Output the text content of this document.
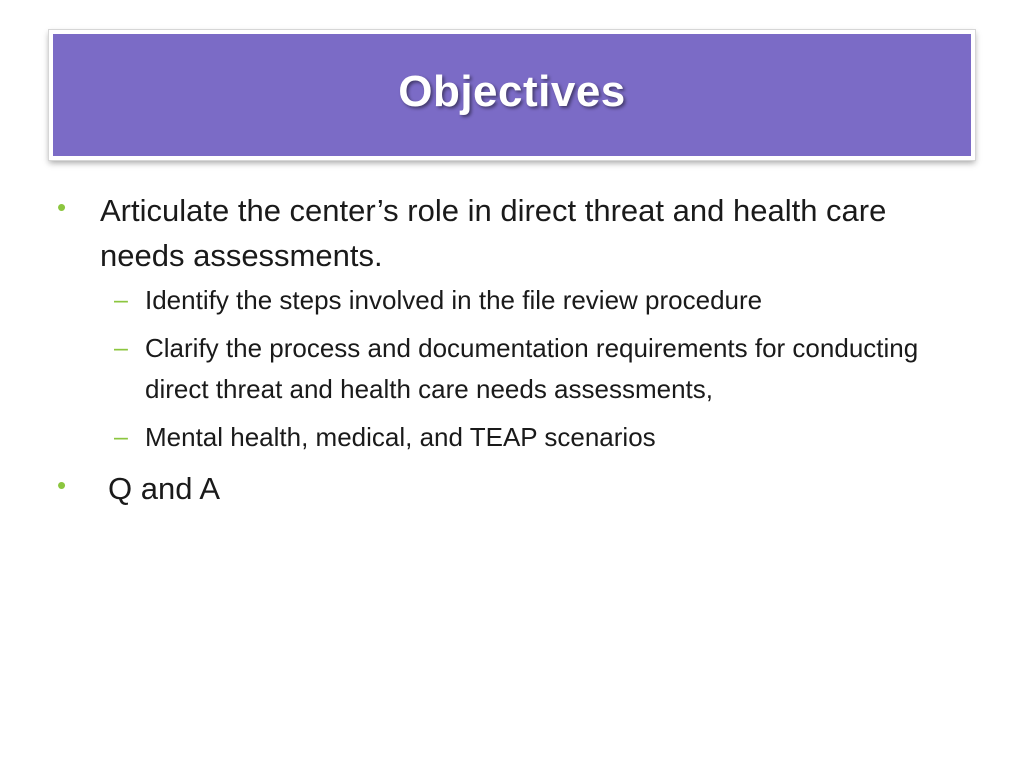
Objectives
• Articulate the center’s role in direct threat and health care needs assessments.
– Identify the steps involved in the file review procedure
– Clarify the process and documentation requirements for conducting direct threat and health care needs assessments,
– Mental health, medical, and TEAP scenarios
• Q and A
